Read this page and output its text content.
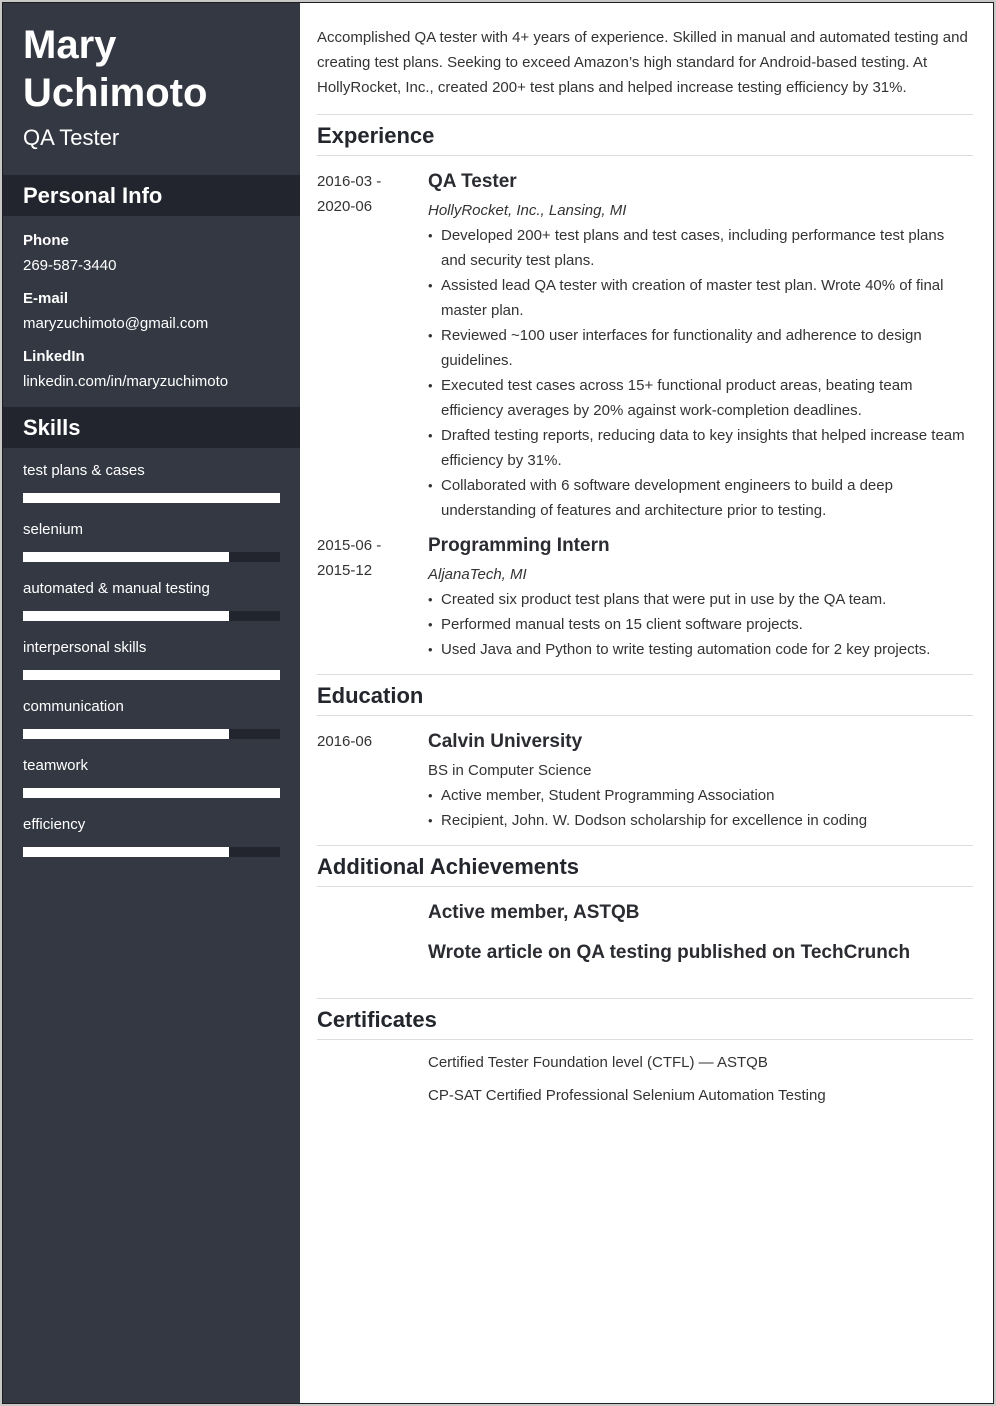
Mary
Uchimoto
QA Tester
Personal Info
Phone
269-587-3440
E-mail
maryzuchimoto@gmail.com
LinkedIn
linkedin.com/in/maryzuchimoto
Skills
test plans & cases
selenium
automated & manual testing
interpersonal skills
communication
teamwork
efficiency

Accomplished QA tester with 4+ years of experience. Skilled in manual and automated testing and creating test plans. Seeking to exceed Amazon’s high standard for Android-based testing. At HollyRocket, Inc., created 200+ test plans and helped increase testing efficiency by 31%.

Experience
2016-03 -
2020-06
QA Tester
HollyRocket, Inc., Lansing, MI
• Developed 200+ test plans and test cases, including performance test plans and security test plans.
• Assisted lead QA tester with creation of master test plan. Wrote 40% of final master plan.
• Reviewed ~100 user interfaces for functionality and adherence to design guidelines.
• Executed test cases across 15+ functional product areas, beating team efficiency averages by 20% against work-completion deadlines.
• Drafted testing reports, reducing data to key insights that helped increase team efficiency by 31%.
• Collaborated with 6 software development engineers to build a deep understanding of features and architecture prior to testing.
2015-06 -
2015-12
Programming Intern
AljanaTech, MI
• Created six product test plans that were put in use by the QA team.
• Performed manual tests on 15 client software projects.
• Used Java and Python to write testing automation code for 2 key projects.
Education
2016-06	Calvin University
BS in Computer Science
• Active member, Student Programming Association
• Recipient, John. W. Dodson scholarship for excellence in coding
Additional Achievements
Active member, ASTQB
Wrote article on QA testing published on TechCrunch
Certificates
Certified Tester Foundation level (CTFL) — ASTQB
CP-SAT Certified Professional Selenium Automation Testing
